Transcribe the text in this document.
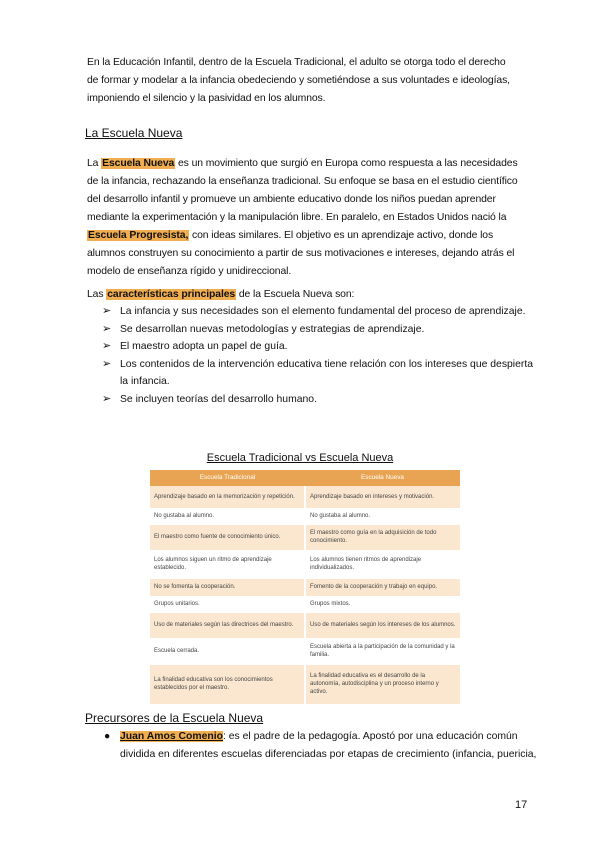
En la Educación Infantil, dentro de la Escuela Tradicional, el adulto se otorga todo el derecho de formar y modelar a la infancia obedeciendo y sometiéndose a sus voluntades e ideologías, imponiendo el silencio y la pasividad en los alumnos.
La Escuela Nueva
La Escuela Nueva es un movimiento que surgió en Europa como respuesta a las necesidades de la infancia, rechazando la enseñanza tradicional. Su enfoque se basa en el estudio científico del desarrollo infantil y promueve un ambiente educativo donde los niños puedan aprender mediante la experimentación y la manipulación libre. En paralelo, en Estados Unidos nació la Escuela Progresista, con ideas similares. El objetivo es un aprendizaje activo, donde los alumnos construyen su conocimiento a partir de sus motivaciones e intereses, dejando atrás el modelo de enseñanza rígido y unidireccional.
Las características principales de la Escuela Nueva son:
➢ La infancia y sus necesidades son el elemento fundamental del proceso de aprendizaje.
➢ Se desarrollan nuevas metodologías y estrategias de aprendizaje.
➢ El maestro adopta un papel de guía.
➢ Los contenidos de la intervención educativa tiene relación con los intereses que despierta la infancia.
➢ Se incluyen teorías del desarrollo humano.
Escuela Tradicional vs Escuela Nueva
Escuela Tradicional	Escuela Nueva
Aprendizaje basado en la memorización y repetición.	Aprendizaje basado en intereses y motivación.
No gustaba al alumno.	No gustaba al alumno.
El maestro como fuente de conocimiento único.	El maestro como guía en la adquisición de todo conocimiento.
Los alumnos siguen un ritmo de aprendizaje establecido.	Los alumnos tienen ritmos de aprendizaje individualizados.
No se fomenta la cooperación.	Fomento de la cooperación y trabajo en equipo.
Grupos unitarios.	Grupos mixtos.
Uso de materiales según las directrices del maestro.	Uso de materiales según los intereses de los alumnos.
Escuela cerrada.	Escuela abierta a la participación de la comunidad y la familia.
La finalidad educativa son los conocimientos establecidos por el maestro.	La finalidad educativa es el desarrollo de la autonomía, autodisciplina y un proceso interno y activo.
Precursores de la Escuela Nueva
● Juan Amos Comenio: es el padre de la pedagogía. Apostó por una educación común dividida en diferentes escuelas diferenciadas por etapas de crecimiento (infancia, puericia,
17
